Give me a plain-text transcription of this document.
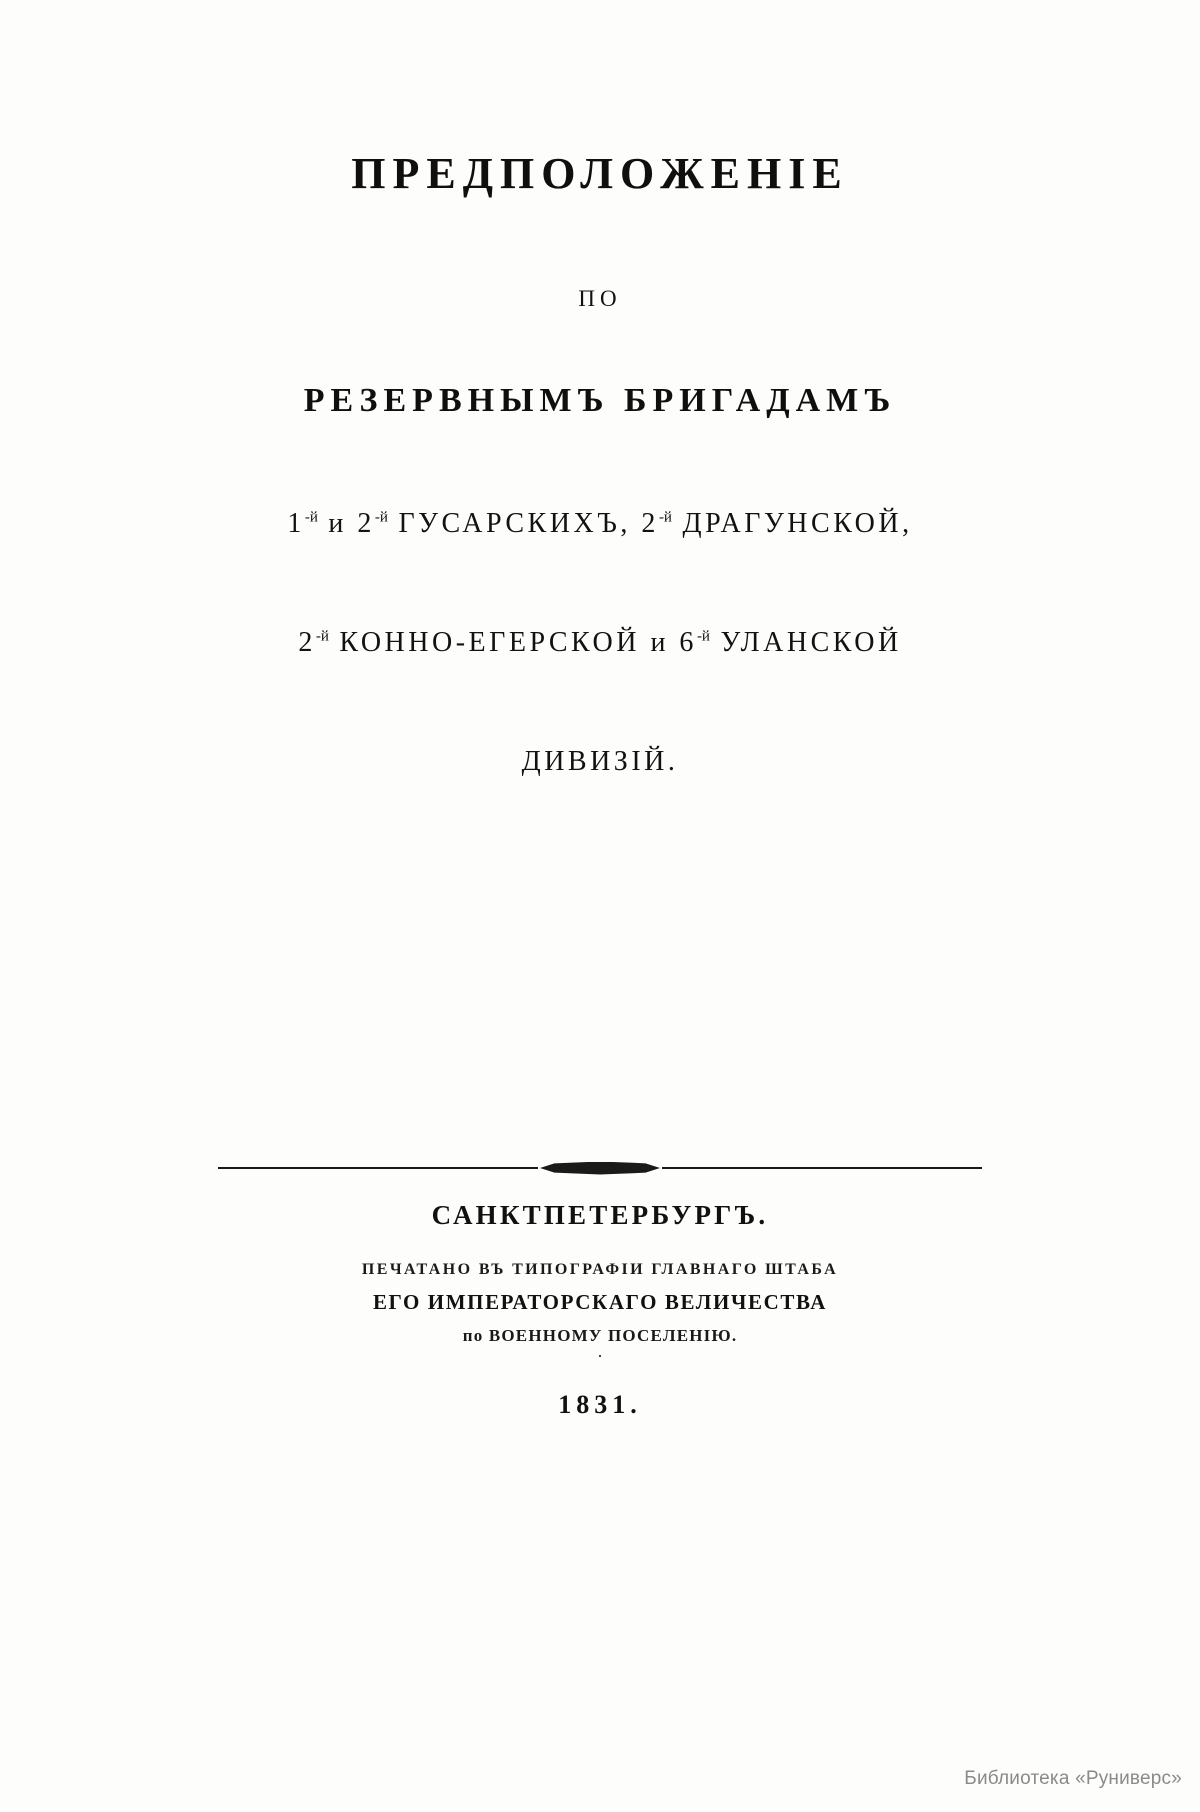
ПРЕДПОЛОЖЕНІЕ
ПО
РЕЗЕРВНЫМЪ БРИГАДАМЪ
$1^{-й}$ и $2^{-й}$ ГУСАРСКИХЪ, $2^{-й}$ ДРАГУНСКОЙ,
$2^{-й}$ КОННО-ЕГЕРСКОЙ и $6^{-й}$ УЛАНСКОЙ
ДИВИЗІЙ.
САНКТПЕТЕРБУРГЪ.
ПЕЧАТАНО ВЪ ТИПОГРАФІИ ГЛАВНАГО ШТАБА
ЕГО ИМПЕРАТОРСКАГО ВЕЛИЧЕСТВА
по ВОЕННОМУ ПОСЕЛЕНІЮ.
·
1831.
Библиотека «Руниверс»
